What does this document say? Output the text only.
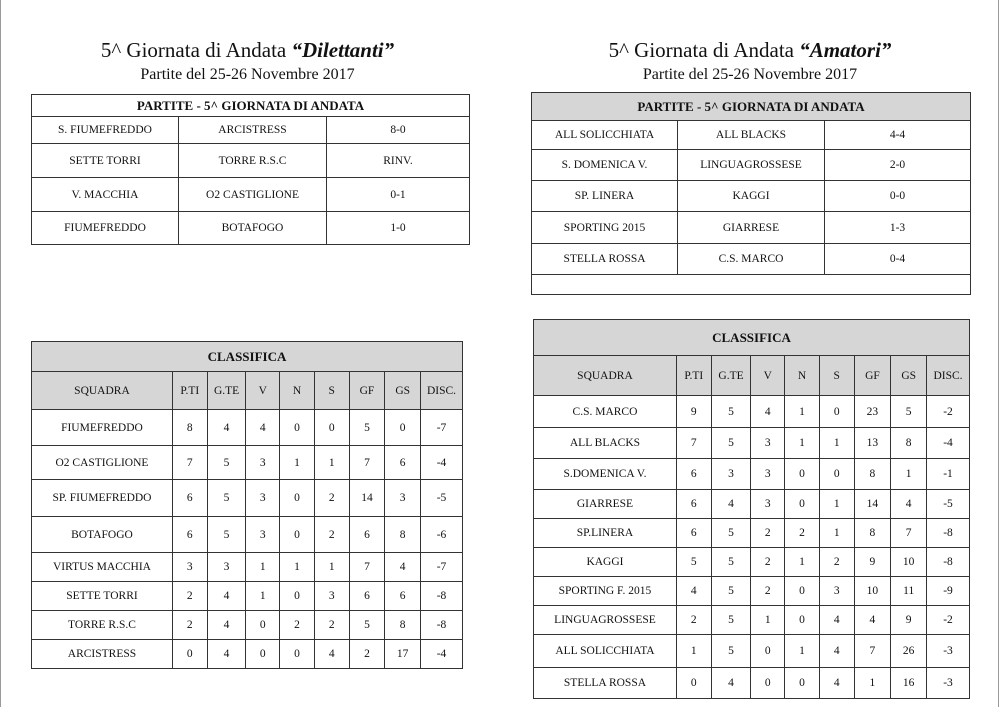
5^ Giornata di Andata “Dilettanti”
Partite del 25-26 Novembre 2017
5^ Giornata di Andata “Amatori”
Partite del 25-26 Novembre 2017
PARTITE - 5^ GIORNATA DI ANDATA		
S. FIUMEFREDDO	ARCISTRESS	8-0
SETTE TORRI	TORRE R.S.C	RINV.
V. MACCHIA	O2 CASTIGLIONE	0-1
FIUMEFREDDO	BOTAFOGO	1-0
PARTITE - 5^ GIORNATA DI ANDATA		
ALL SOLICCHIATA	ALL BLACKS	4-4
S. DOMENICA V.	LINGUAGROSSESE	2-0
SP. LINERA	KAGGI	0-0
SPORTING 2015	GIARRESE	1-3
STELLA ROSSA	C.S. MARCO	0-4

CLASSIFICA								
SQUADRA	P.TI	G.TE	V	N	S	GF	GS	DISC.
FIUMEFREDDO	8	4	4	0	0	5	0	-7
O2 CASTIGLIONE	7	5	3	1	1	7	6	-4
SP. FIUMEFREDDO	6	5	3	0	2	14	3	-5
BOTAFOGO	6	5	3	0	2	6	8	-6
VIRTUS MACCHIA	3	3	1	1	1	7	4	-7
SETTE TORRI	2	4	1	0	3	6	6	-8
TORRE R.S.C	2	4	0	2	2	5	8	-8
ARCISTRESS	0	4	0	0	4	2	17	-4
CLASSIFICA								
SQUADRA	P.TI	G.TE	V	N	S	GF	GS	DISC.
C.S. MARCO	9	5	4	1	0	23	5	-2
ALL BLACKS	7	5	3	1	1	13	8	-4
S.DOMENICA V.	6	3	3	0	0	8	1	-1
GIARRESE	6	4	3	0	1	14	4	-5
SP.LINERA	6	5	2	2	1	8	7	-8
KAGGI	5	5	2	1	2	9	10	-8
SPORTING F. 2015	4	5	2	0	3	10	11	-9
LINGUAGROSSESE	2	5	1	0	4	4	9	-2
ALL SOLICCHIATA	1	5	0	1	4	7	26	-3
STELLA ROSSA	0	4	0	0	4	1	16	-3
